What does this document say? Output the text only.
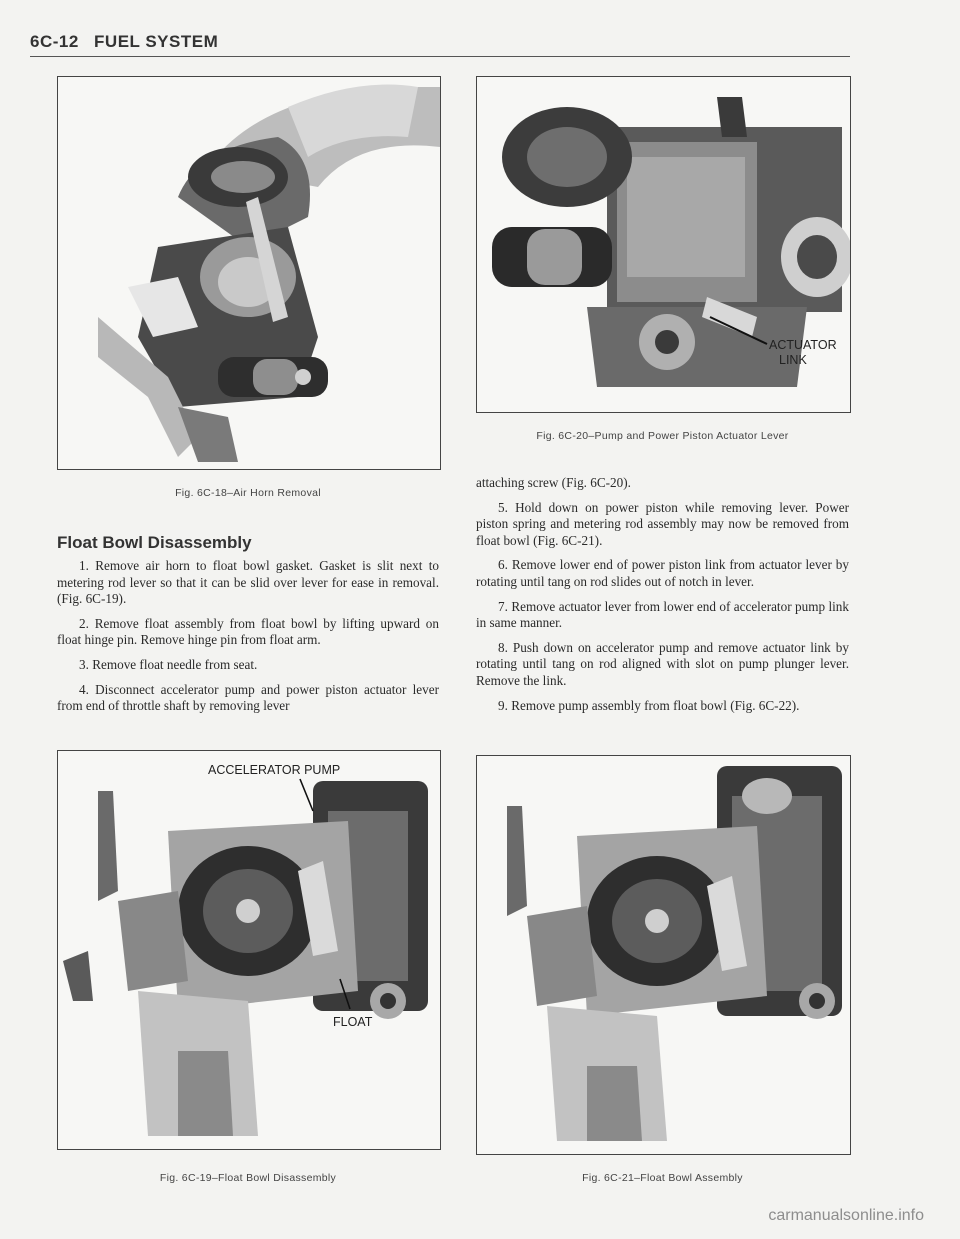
6C-12 FUEL SYSTEM
Fig. 6C-18–Air Horn Removal
ACTUATOR
LINK
Fig. 6C-20–Pump and Power Piston Actuator Lever
Float Bowl Disassembly

1. Remove air horn to float bowl gasket. Gasket is slit next to metering rod lever so that it can be slid over lever for ease in removal. (Fig. 6C-19).

2. Remove float assembly from float bowl by lifting upward on float hinge pin. Remove hinge pin from float arm.

3. Remove float needle from seat.

4. Disconnect accelerator pump and power piston actuator lever from end of throttle shaft by removing lever

attaching screw (Fig. 6C-20).

5. Hold down on power piston while removing lever. Power piston spring and metering rod assembly may now be removed from float bowl (Fig. 6C-21).

6. Remove lower end of power piston link from actuator lever by rotating until tang on rod slides out of notch in lever.

7. Remove actuator lever from lower end of accelerator pump link in same manner.

8. Push down on accelerator pump and remove actuator link by rotating until tang on rod aligned with slot on pump plunger lever. Remove the link.

9. Remove pump assembly from float bowl (Fig. 6C-22).

ACCELERATOR PUMP
FLOAT
Fig. 6C-19–Float Bowl Disassembly	Fig. 6C-21–Float Bowl Assembly
carmanualsonline.info
